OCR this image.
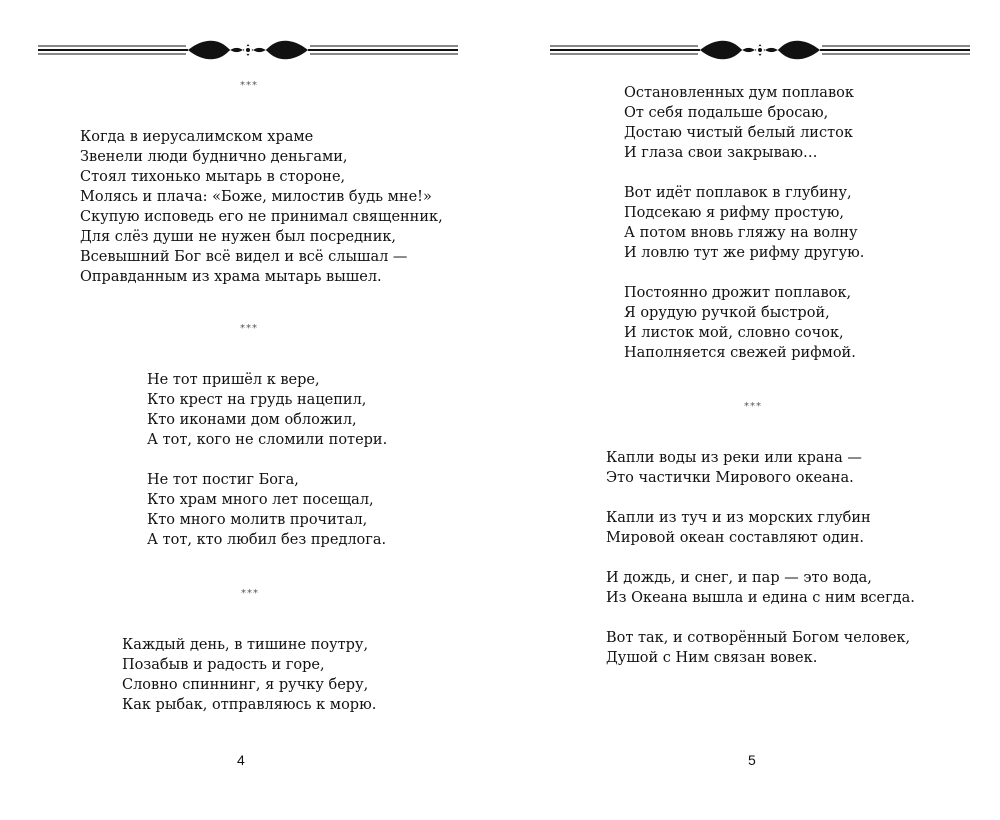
***
Когда в иерусалимском храме
Звенели люди буднично деньгами,
Стоял тихонько мытарь в стороне,
Молясь и плача: «Боже, милостив будь мне!»
Скупую исповедь его не принимал священник,
Для слёз души не нужен был посредник,
Всевышний Бог всё видел и всё слышал —
Оправданным из храма мытарь вышел.
***
Не тот пришёл к вере,
Кто крест на грудь нацепил,
Кто иконами дом обложил,
А тот, кого не сломили потери.
Не тот постиг Бога,
Кто храм много лет посещал,
Кто много молитв прочитал,
А тот, кто любил без предлога.
***
Каждый день, в тишине поутру,
Позабыв и радость и горе,
Словно спиннинг, я ручку беру,
Как рыбак, отправляюсь к морю.
4
Остановленных дум поплавок
От себя подальше бросаю,
Достаю чистый белый листок
И глаза свои закрываю…
Вот идёт поплавок в глубину,
Подсекаю я рифму простую,
А потом вновь гляжу на волну
И ловлю тут же рифму другую.
Постоянно дрожит поплавок,
Я орудую ручкой быстрой,
И листок мой, словно сочок,
Наполняется свежей рифмой.
***
Капли воды из реки или крана —
Это частички Мирового океана.
Капли из туч и из морских глубин
Мировой океан составляют один.
И дождь, и снег, и пар — это вода,
Из Океана вышла и едина с ним всегда.
Вот так, и сотворённый Богом человек,
Душой с Ним связан вовек.
5
